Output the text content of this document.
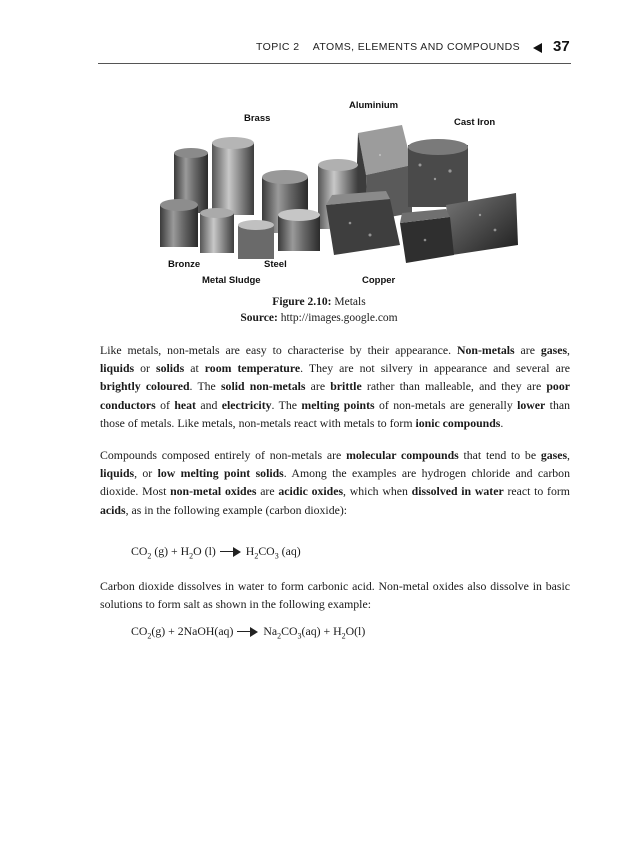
TOPIC 2 ATOMS, ELEMENTS AND COMPOUNDS 37
Brass
Aluminium
Cast Iron
Bronze	Steel
Metal Sludge	Copper
Figure 2.10: Metals
Source: http://images.google.com
Like metals, non-metals are easy to characterise by their appearance. Non-metals are gases, liquids or solids at room temperature. They are not silvery in appearance and several are brightly coloured. The solid non-metals are brittle rather than malleable, and they are poor conductors of heat and electricity. The melting points of non-metals are generally lower than those of metals. Like metals, non-metals react with metals to form ionic compounds.
Compounds composed entirely of non-metals are molecular compounds that tend to be gases, liquids, or low melting point solids. Among the examples are hydrogen chloride and carbon dioxide. Most non-metal oxides are acidic oxides, which when dissolved in water react to form acids, as in the following example (carbon dioxide):
$CO_2$ $(g) + H_2O$ (l)	$H_2CO_3$ (aq)
Carbon dioxide dissolves in water to form carbonic acid. Non-metal oxides also dissolve in basic solutions to form salt as shown in the following example:
$CO_2(g)$ + 2NaOH(aq)	$Na_2CO_3(aq) + H_2O(l)$
